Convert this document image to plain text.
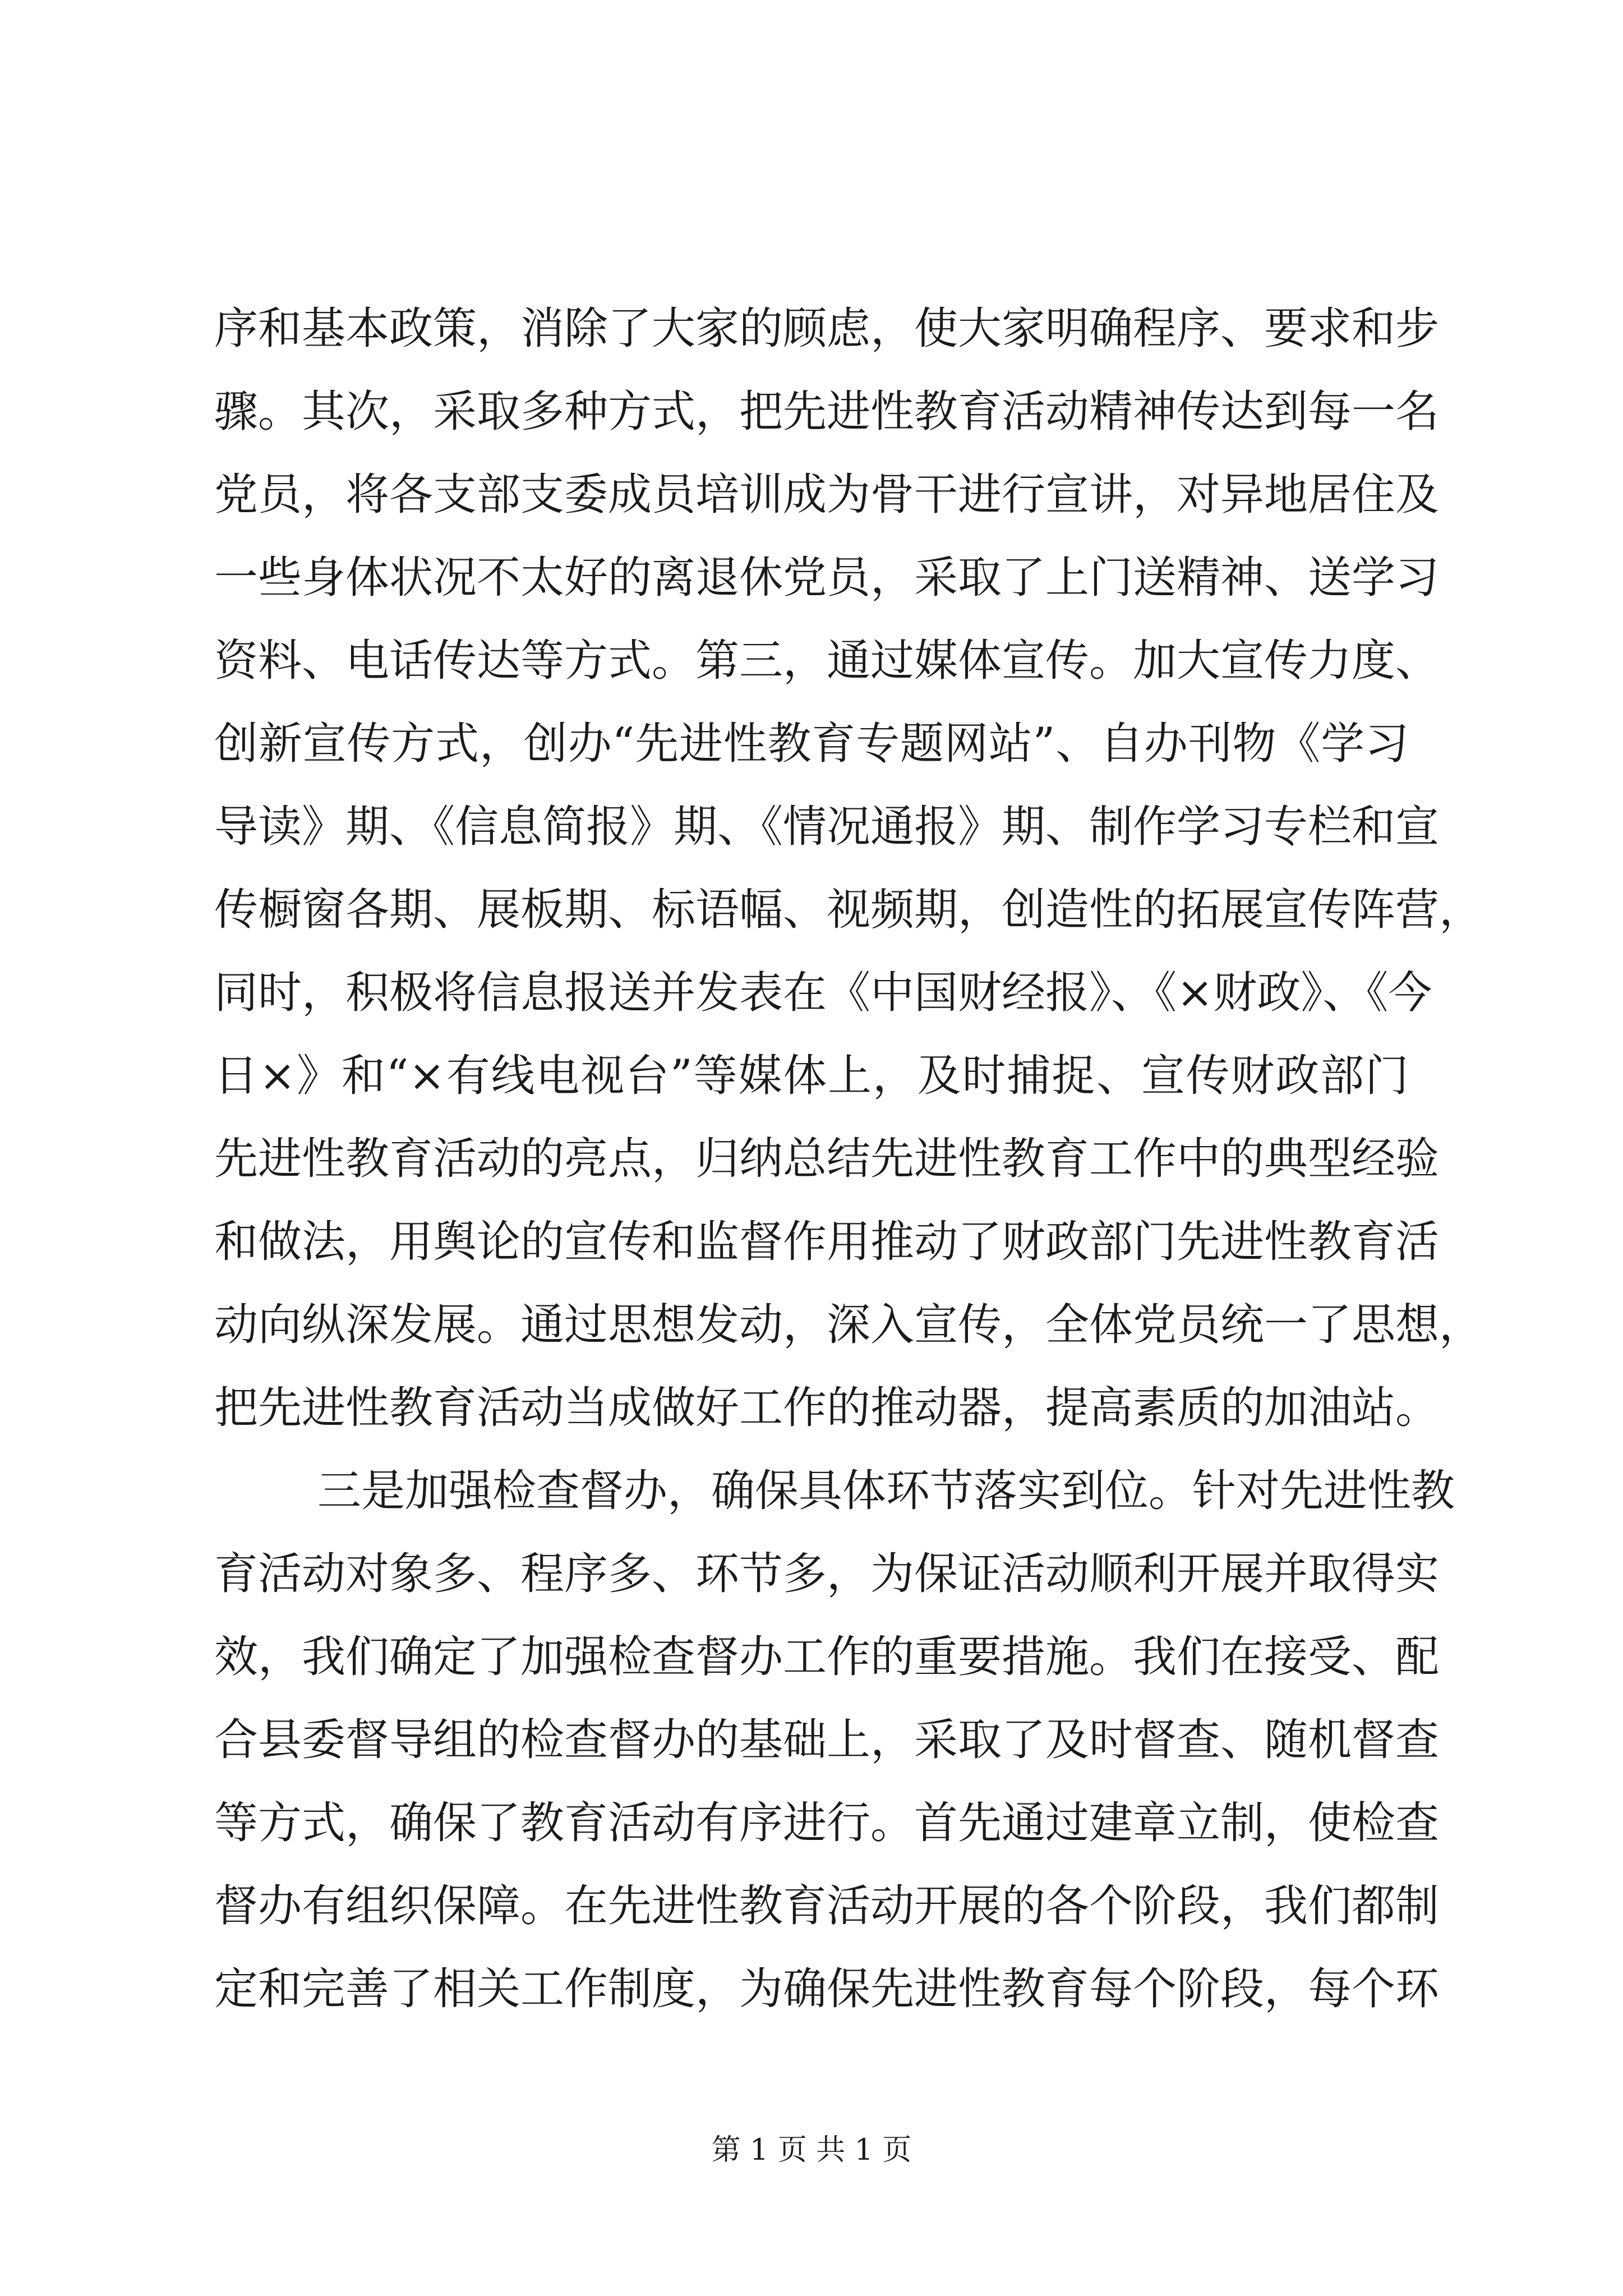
序和基本政策，消除了大家的顾虑，使大家明确程序、要求和步
骤。其次，采取多种方式，把先进性教育活动精神传达到每一名
党员，将各支部支委成员培训成为骨干进行宣讲，对异地居住及
一些身体状况不太好的离退休党员，采取了上门送精神、送学习
资料、电话传达等方式。第三，通过媒体宣传。加大宣传力度、
创新宣传方式，创办“先进性教育专题网站”、自办刊物《学习
导读》期、《信息简报》期、《情况通报》期、制作学习专栏和宣
传橱窗各期、展板期、标语幅、视频期，创造性的拓展宣传阵营，
同时，积极将信息报送并发表在《中国财经报》、《×财政》、《今
日×》和“×有线电视台”等媒体上，及时捕捉、宣传财政部门
先进性教育活动的亮点，归纳总结先进性教育工作中的典型经验
和做法，用舆论的宣传和监督作用推动了财政部门先进性教育活
动向纵深发展。通过思想发动，深入宣传，全体党员统一了思想，
把先进性教育活动当成做好工作的推动器，提高素质的加油站。
三是加强检查督办，确保具体环节落实到位。针对先进性教
育活动对象多、程序多、环节多，为保证活动顺利开展并取得实
效，我们确定了加强检查督办工作的重要措施。我们在接受、配
合县委督导组的检查督办的基础上，采取了及时督查、随机督查
等方式，确保了教育活动有序进行。首先通过建章立制，使检查
督办有组织保障。在先进性教育活动开展的各个阶段，我们都制
定和完善了相关工作制度，为确保先进性教育每个阶段，每个环
第 1 页 共 1 页
